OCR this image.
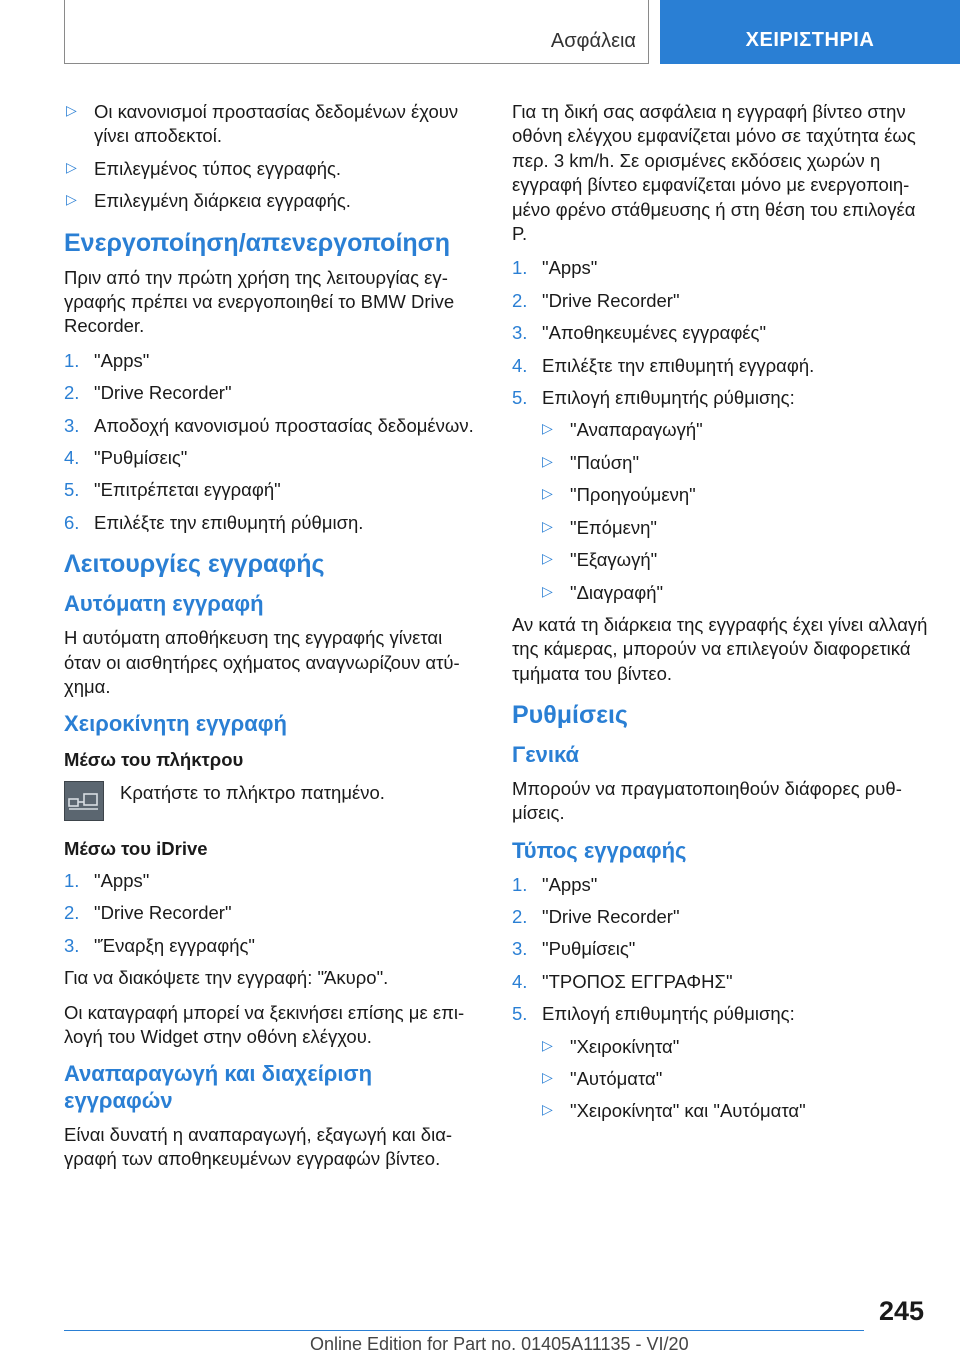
Ασφάλεια	ΧΕΙΡΙΣΤΗΡΙΑ
▷ Οι κανονισμοί προστασίας δεδομένων έχουν γίνει αποδεκτοί.
▷ Επιλεγμένος τύπος εγγραφής.
▷ Επιλεγμένη διάρκεια εγγραφής.
Ενεργοποίηση/απενεργοποίηση

Πριν από την πρώτη χρήση της λειτουργίας εγγραφής πρέπει να ενεργοποιηθεί το BMW Drive Recorder.

1. "Apps"
2. "Drive Recorder"
3. Αποδοχή κανονισμού προστασίας δεδομένων.
4. "Ρυθμίσεις"
5. "Επιτρέπεται εγγραφή"
6. Επιλέξτε την επιθυμητή ρύθμιση.
Λειτουργίες εγγραφής
Αυτόματη εγγραφή

Η αυτόματη αποθήκευση της εγγραφής γίνεται όταν οι αισθητήρες οχήματος αναγνωρίζουν ατύχημα.

Χειροκίνητη εγγραφή
Μέσω του πλήκτρου
Κρατήστε το πλήκτρο πατημένο.
Μέσω του iDrive
1. "Apps"
2. "Drive Recorder"
3. "Έναρξη εγγραφής"

Για να διακόψετε την εγγραφή: "Άκυρο".

Οι καταγραφή μπορεί να ξεκινήσει επίσης με επιλογή του Widget στην οθόνη ελέγχου.

Αναπαραγωγή και διαχείριση εγγραφών

Είναι δυνατή η αναπαραγωγή, εξαγωγή και διαγραφή των αποθηκευμένων εγγραφών βίντεο.

Για τη δική σας ασφάλεια η εγγραφή βίντεο στην οθόνη ελέγχου εμφανίζεται μόνο σε ταχύτητα έως περ. 3 km/h. Σε ορισμένες εκδόσεις χωρών η εγγραφή βίντεο εμφανίζεται μόνο με ενεργοποιημένο φρένο στάθμευσης ή στη θέση του επιλογέα P.

1. "Apps"
2. "Drive Recorder"
3. "Αποθηκευμένες εγγραφές"
4. Επιλέξτε την επιθυμητή εγγραφή.
5. Επιλογή επιθυμητής ρύθμισης:
▷ "Αναπαραγωγή"
▷ "Παύση"
▷ "Προηγούμενη"
▷ "Επόμενη"
▷ "Εξαγωγή"
▷ "Διαγραφή"

Αν κατά τη διάρκεια της εγγραφής έχει γίνει αλλαγή της κάμερας, μπορούν να επιλεγούν διαφορετικά τμήματα του βίντεο.

Ρυθμίσεις
Γενικά

Μπορούν να πραγματοποιηθούν διάφορες ρυθμίσεις.

Τύπος εγγραφής
1. "Apps"
2. "Drive Recorder"
3. "Ρυθμίσεις"
4. "ΤΡΟΠΟΣ ΕΓΓΡΑΦΗΣ"
5. Επιλογή επιθυμητής ρύθμισης:
▷ "Χειροκίνητα"
▷ "Αυτόματα"
▷ "Χειροκίνητα" και "Αυτόματα"
245
Online Edition for Part no. 01405A11135 - VI/20
